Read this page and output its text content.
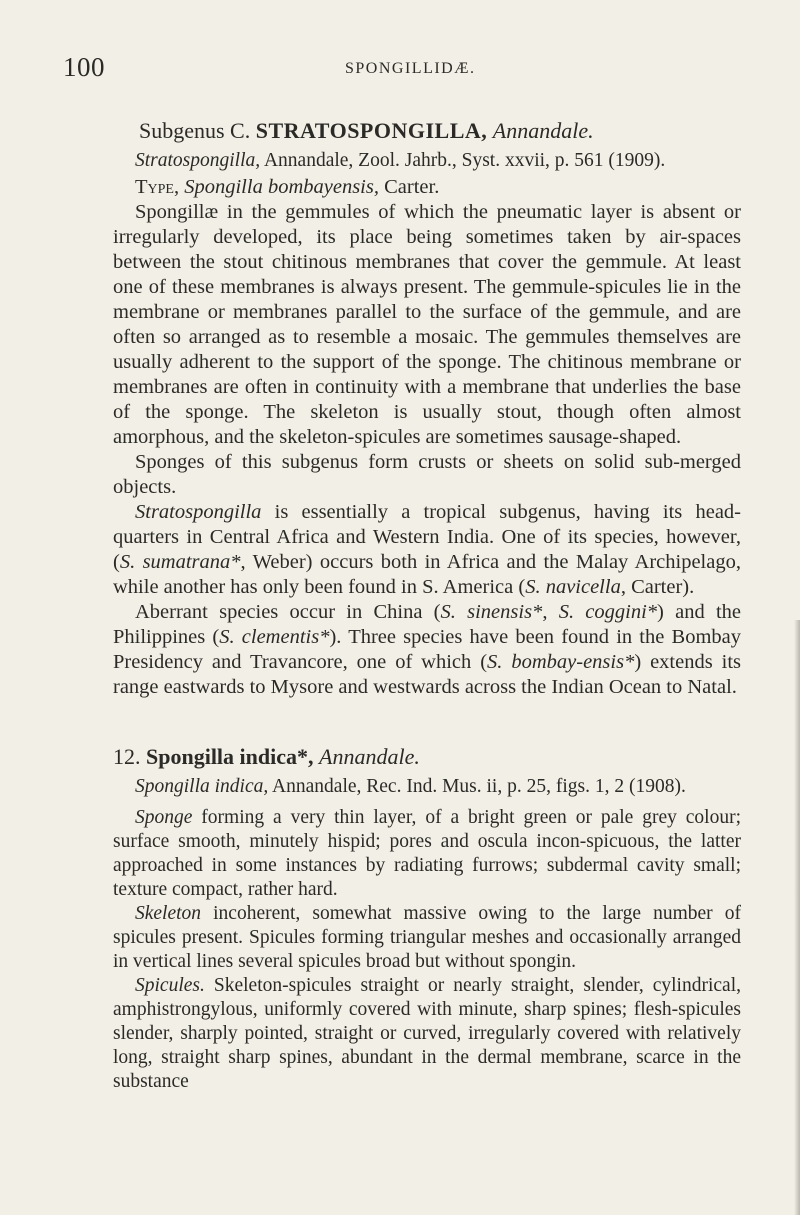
100	SPONGILLIDÆ.

Subgenus C. STRATOSPONGILLA, Annandale.

Stratospongilla, Annandale, Zool. Jahrb., Syst. xxvii, p. 561 (1909).

Type, Spongilla bombayensis, Carter.

Spongillæ in the gemmules of which the pneumatic layer is absent or irregularly developed, its place being sometimes taken by air-spaces between the stout chitinous membranes that cover the gemmule. At least one of these membranes is always present. The gemmule-spicules lie in the membrane or membranes parallel to the surface of the gemmule, and are often so arranged as to resemble a mosaic. The gemmules themselves are usually adherent to the support of the sponge. The chitinous membrane or membranes are often in continuity with a membrane that underlies the base of the sponge. The skeleton is usually stout, though often almost amorphous, and the skeleton-spicules are sometimes sausage-shaped.

Sponges of this subgenus form crusts or sheets on solid sub-merged objects.

Stratospongilla is essentially a tropical subgenus, having its head-quarters in Central Africa and Western India. One of its species, however, (S. sumatrana*, Weber) occurs both in Africa and the Malay Archipelago, while another has only been found in S. America (S. navicella, Carter).

Aberrant species occur in China (S. sinensis*, S. coggini*) and the Philippines (S. clementis*). Three species have been found in the Bombay Presidency and Travancore, one of which (S. bombay-ensis*) extends its range eastwards to Mysore and westwards across the Indian Ocean to Natal.

12. Spongilla indica*, Annandale.

Spongilla indica, Annandale, Rec. Ind. Mus. ii, p. 25, figs. 1, 2 (1908).

Sponge forming a very thin layer, of a bright green or pale grey colour; surface smooth, minutely hispid; pores and oscula incon-spicuous, the latter approached in some instances by radiating furrows; subdermal cavity small; texture compact, rather hard.

Skeleton incoherent, somewhat massive owing to the large number of spicules present. Spicules forming triangular meshes and occasionally arranged in vertical lines several spicules broad but without spongin.

Spicules. Skeleton-spicules straight or nearly straight, slender, cylindrical, amphistrongylous, uniformly covered with minute, sharp spines; flesh-spicules slender, sharply pointed, straight or curved, irregularly covered with relatively long, straight sharp spines, abundant in the dermal membrane, scarce in the substance
